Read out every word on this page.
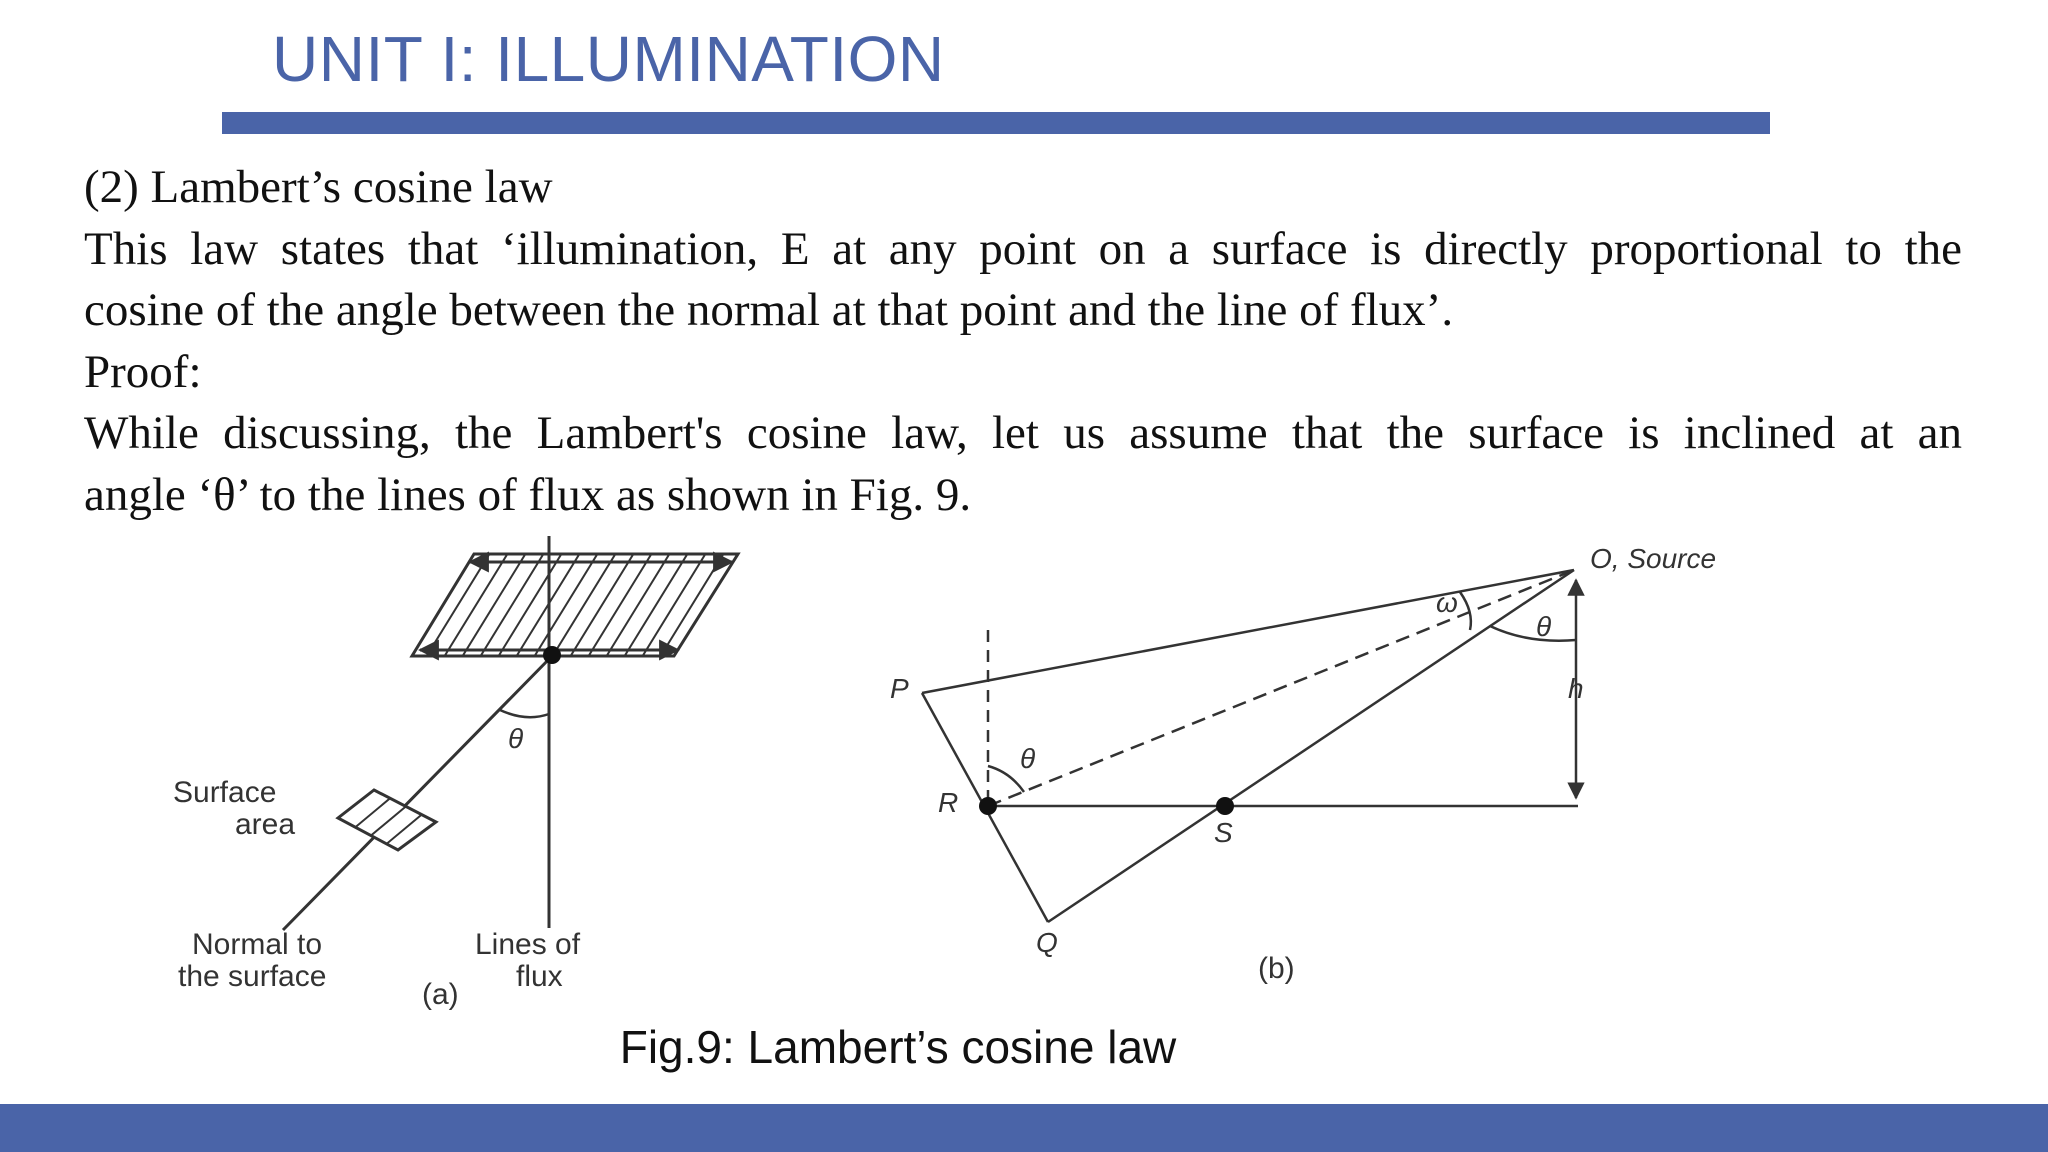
UNIT I: ILLUMINATION
(2) Lambert’s cosine law
This law states that ‘illumination, E at any point on a surface is directly proportional to the
cosine of the angle between the normal at that point and the line of flux’.
Proof:
While discussing, the Lambert's cosine law, let us assume that the surface is inclined at an
angle ‘θ’ to the lines of flux as shown in Fig. 9.
θ
Surface
area
Normal to
the surface
Lines of
flux
(a)
O, Source
ω
θ
h
P
R
θ
S
Q
(b)
Fig.9: Lambert’s cosine law
